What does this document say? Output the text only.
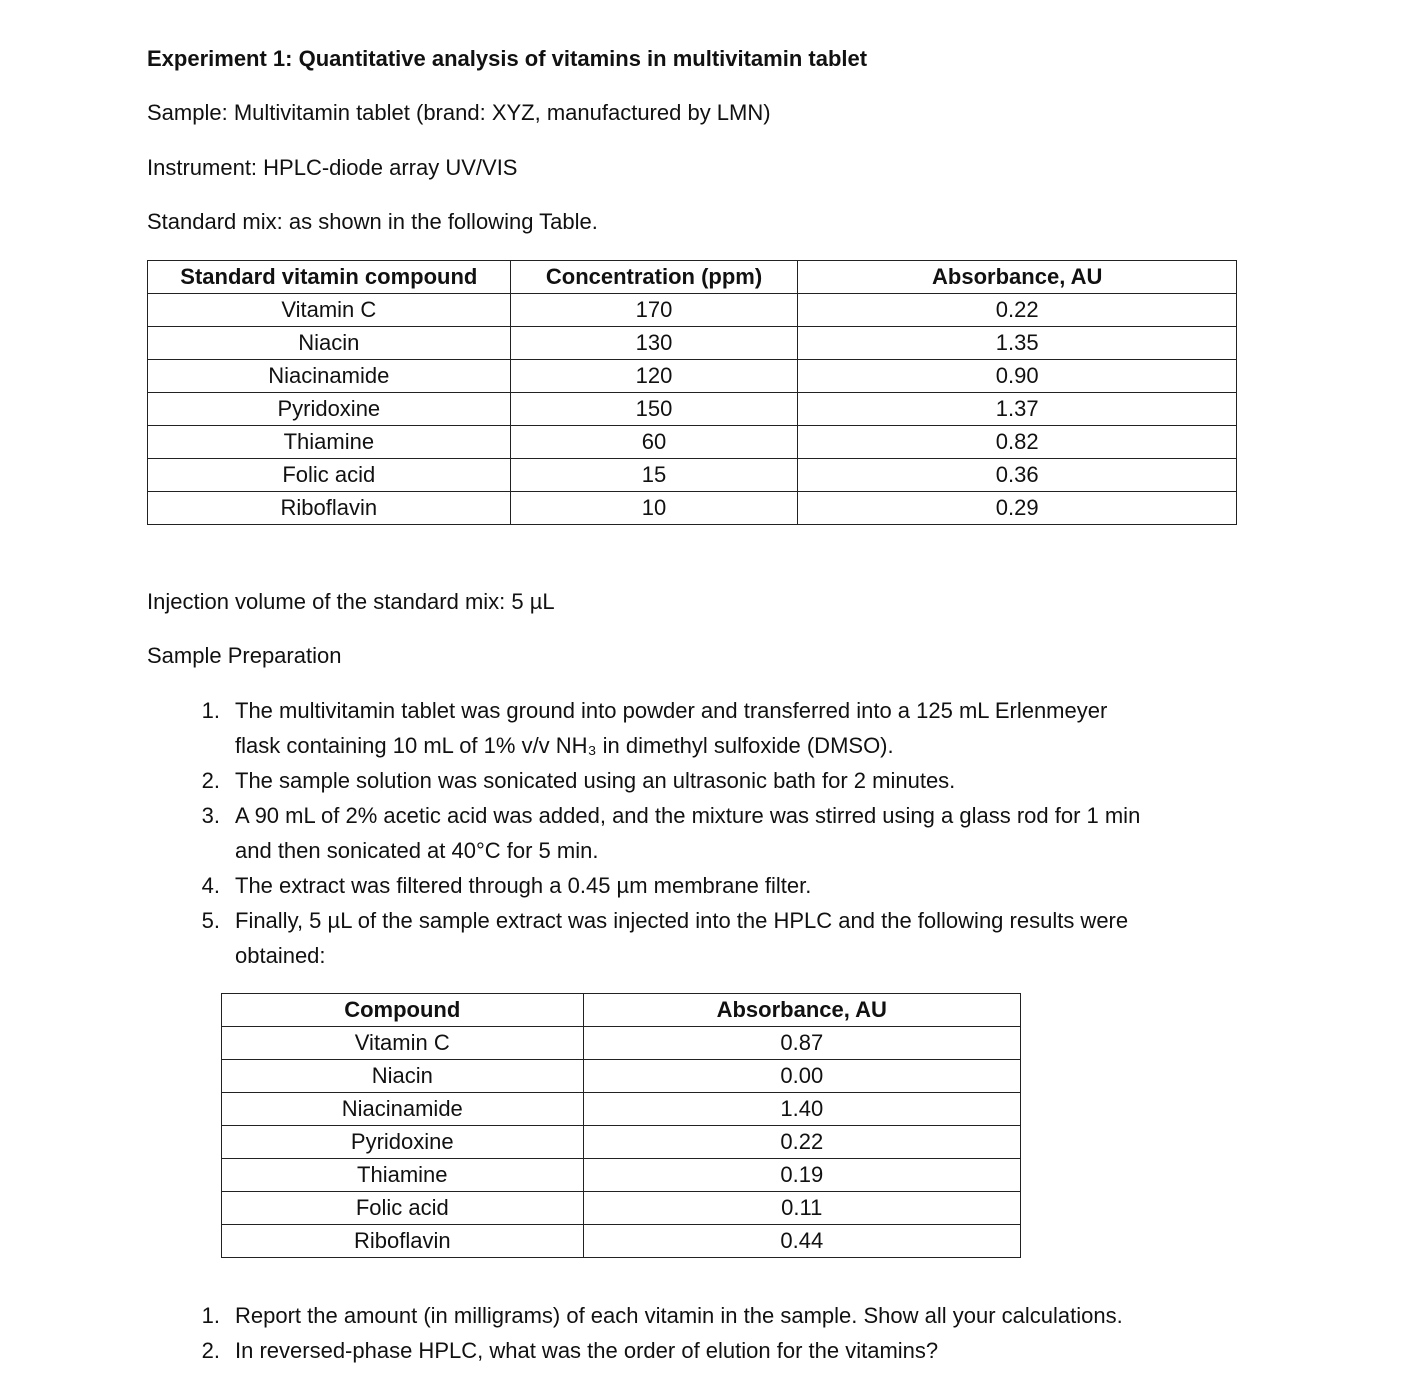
Experiment 1: Quantitative analysis of vitamins in multivitamin tablet
Sample: Multivitamin tablet (brand: XYZ, manufactured by LMN)
Instrument: HPLC-diode array UV/VIS
Standard mix: as shown in the following Table.
Standard vitamin compound	Concentration (ppm)	Absorbance, AU
Vitamin C	170	0.22
Niacin	130	1.35
Niacinamide	120	0.90
Pyridoxine	150	1.37
Thiamine	60	0.82
Folic acid	15	0.36
Riboflavin	10	0.29
Injection volume of the standard mix: 5 µL
Sample Preparation
1. The multivitamin tablet was ground into powder and transferred into a 125 mL Erlenmeyer
flask containing 10 mL of 1% v/v NH₃ in dimethyl sulfoxide (DMSO).
2. The sample solution was sonicated using an ultrasonic bath for 2 minutes.
3. A 90 mL of 2% acetic acid was added, and the mixture was stirred using a glass rod for 1 min
and then sonicated at 40°C for 5 min.
4. The extract was filtered through a 0.45 µm membrane filter.
5. Finally, 5 µL of the sample extract was injected into the HPLC and the following results were
obtained:
Compound	Absorbance, AU
Vitamin C	0.87
Niacin	0.00
Niacinamide	1.40
Pyridoxine	0.22
Thiamine	0.19
Folic acid	0.11
Riboflavin	0.44
1. Report the amount (in milligrams) of each vitamin in the sample. Show all your calculations.
2. In reversed-phase HPLC, what was the order of elution for the vitamins?
